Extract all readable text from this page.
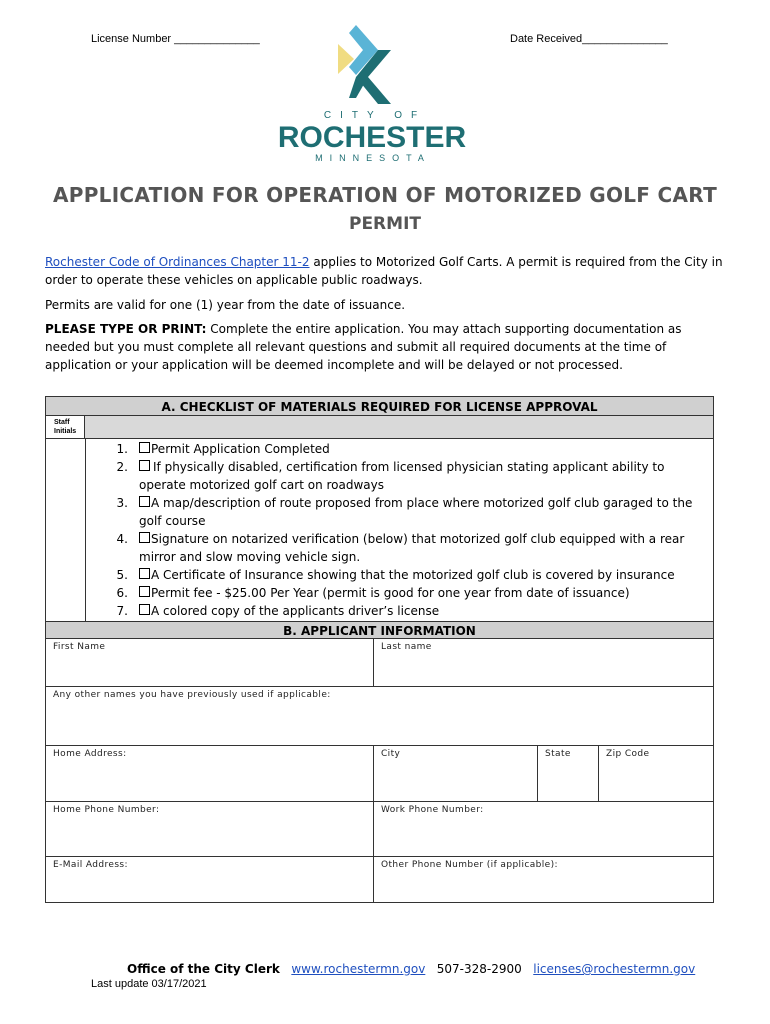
License Number ______________	Date Received______________
CITY OF
ROCHESTER
MINNESOTA
APPLICATION FOR OPERATION OF MOTORIZED GOLF CART
PERMIT
Rochester Code of Ordinances Chapter 11-2 applies to Motorized Golf Carts. A permit is required from the City in order to operate these vehicles on applicable public roadways.
Permits are valid for one (1) year from the date of issuance.
PLEASE TYPE OR PRINT: Complete the entire application. You may attach supporting documentation as needed but you must complete all relevant questions and submit all required documents at the time of application or your application will be deemed incomplete and will be delayed or not processed.
A. CHECKLIST OF MATERIALS REQUIRED FOR LICENSE APPROVAL
Staff Initials
1. Permit Application Completed
2.	If physically disabled, certification from licensed physician stating applicant ability to operate motorized golf cart on roadways
3.	A map/description of route proposed from place where motorized golf club garaged to the golf course
4.	Signature on notarized verification (below) that motorized golf club equipped with a rear mirror and slow moving vehicle sign.
5. A Certificate of Insurance showing that the motorized golf club is covered by insurance
6. Permit fee - $25.00 Per Year (permit is good for one year from date of issuance)
7. A colored copy of the applicants driver’s license
B. APPLICANT INFORMATION
First Name	Last name
Any other names you have previously used if applicable:
Home Address:	City	State	Zip Code
Home Phone Number:	Work Phone Number:
E-Mail Address:	Other Phone Number (if applicable):
Office of the City Clerk www.rochestermn.gov 507-328-2900 licenses@rochestermn.gov
Last update 03/17/2021
